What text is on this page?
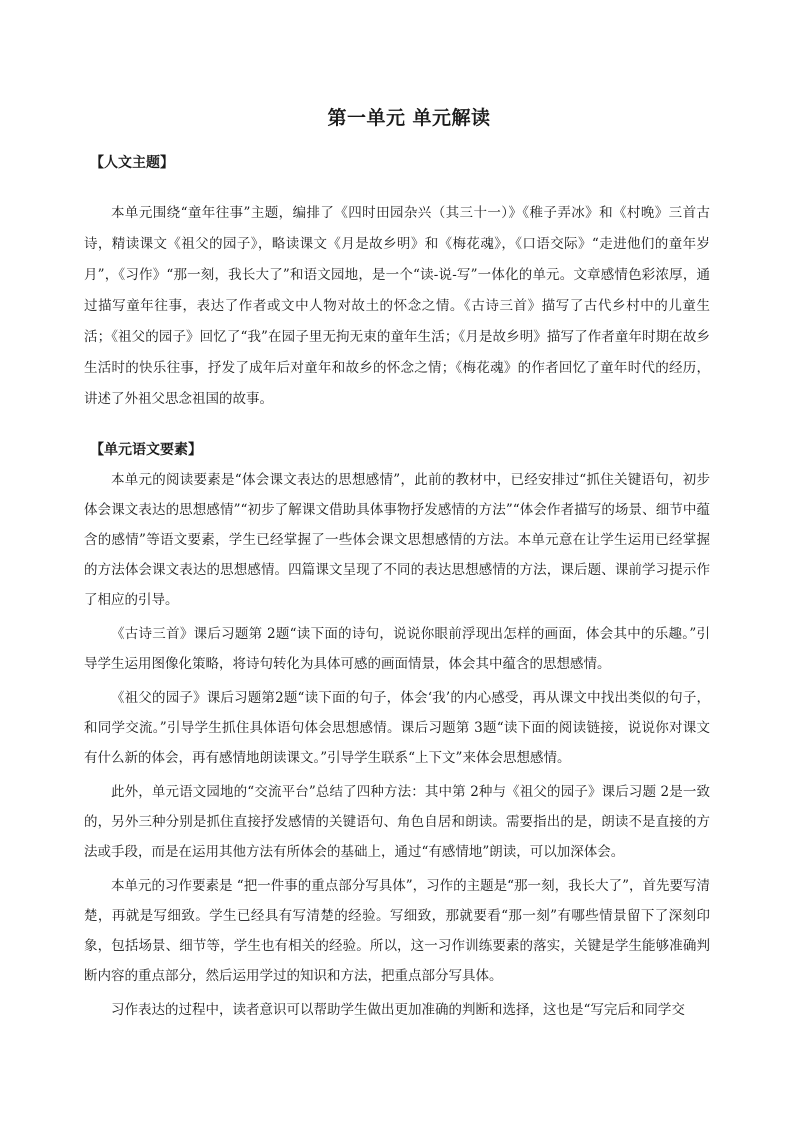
第一单元 单元解读
【人文主题】

本单元围绕“童年往事”主题，编排了《四时田园杂兴（其三十一）》《稚子弄冰》和《村晚》三首古诗，精读课文《祖父的园子》，略读课文《月是故乡明》和《梅花魂》，《口语交际》“走进他们的童年岁月”，《习作》“那一刻，我长大了”和语文园地，是一个“读-说-写”一体化的单元。文章感情色彩浓厚，通过描写童年往事，表达了作者或文中人物对故土的怀念之情。《古诗三首》描写了古代乡村中的儿童生活；《祖父的园子》回忆了“我”在园子里无拘无束的童年生活；《月是故乡明》描写了作者童年时期在故乡生活时的快乐往事，抒发了成年后对童年和故乡的怀念之情；《梅花魂》的作者回忆了童年时代的经历，讲述了外祖父思念祖国的故事。

【单元语文要素】

本单元的阅读要素是“体会课文表达的思想感情”，此前的教材中，已经安排过“抓住关键语句，初步体会课文表达的思想感情”“初步了解课文借助具体事物抒发感情的方法”“体会作者描写的场景、细节中蕴含的感情”等语文要素，学生已经掌握了一些体会课文思想感情的方法。本单元意在让学生运用已经掌握的方法体会课文表达的思想感情。四篇课文呈现了不同的表达思想感情的方法，课后题、课前学习提示作了相应的引导。

《古诗三首》课后习题第 2题“读下面的诗句，说说你眼前浮现出怎样的画面，体会其中的乐趣。”引导学生运用图像化策略，将诗句转化为具体可感的画面情景，体会其中蕴含的思想感情。

《祖父的园子》课后习题第2题“读下面的句子，体会‘我’的内心感受，再从课文中找出类似的句子，和同学交流。”引导学生抓住具体语句体会思想感情。课后习题第 3题“读下面的阅读链接，说说你对课文有什么新的体会，再有感情地朗读课文。”引导学生联系“上下文”来体会思想感情。

此外，单元语文园地的“交流平台”总结了四种方法：其中第 2种与《祖父的园子》课后习题 2是一致的，另外三种分别是抓住直接抒发感情的关键语句、角色自居和朗读。需要指出的是，朗读不是直接的方法或手段，而是在运用其他方法有所体会的基础上，通过“有感情地”朗读，可以加深体会。

本单元的习作要素是 “把一件事的重点部分写具体”，习作的主题是“那一刻，我长大了”，首先要写清楚，再就是写细致。学生已经具有写清楚的经验。写细致，那就要看“那一刻”有哪些情景留下了深刻印象，包括场景、细节等，学生也有相关的经验。所以，这一习作训练要素的落实，关键是学生能够准确判断内容的重点部分，然后运用学过的知识和方法，把重点部分写具体。

习作表达的过程中，读者意识可以帮助学生做出更加准确的判断和选择，这也是“写完后和同学交
